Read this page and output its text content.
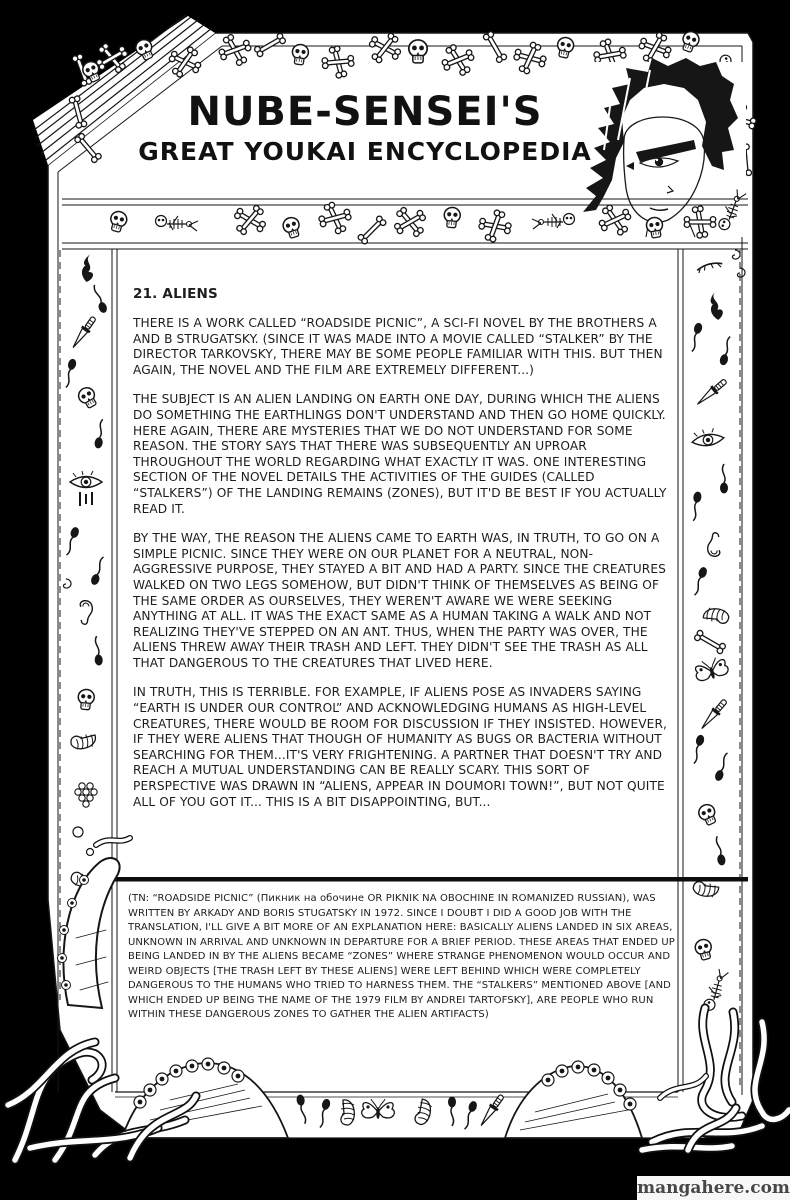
NUBE-SENSEI'S
GREAT YOUKAI ENCYCLOPEDIA
21. ALIENS

THERE IS A WORK CALLED “ROADSIDE PICNIC”, A SCI-FI NOVEL BY THE BROTHERS A AND B STRUGATSKY. (SINCE IT WAS MADE INTO A MOVIE CALLED “STALKER” BY THE DIRECTOR TARKOVSKY, THERE MAY BE SOME PEOPLE FAMILIAR WITH THIS. BUT THEN AGAIN, THE NOVEL AND THE FILM ARE EXTREMELY DIFFERENT...)

THE SUBJECT IS AN ALIEN LANDING ON EARTH ONE DAY, DURING WHICH THE ALIENS DO SOMETHING THE EARTHLINGS DON'T UNDERSTAND AND THEN GO HOME QUICKLY. HERE AGAIN, THERE ARE MYSTERIES THAT WE DO NOT UNDERSTAND FOR SOME REASON. THE STORY SAYS THAT THERE WAS SUBSEQUENTLY AN UPROAR THROUGHOUT THE WORLD REGARDING WHAT EXACTLY IT WAS. ONE INTERESTING SECTION OF THE NOVEL DETAILS THE ACTIVITIES OF THE GUIDES (CALLED “STALKERS”) OF THE LANDING REMAINS (ZONES), BUT IT'D BE BEST IF YOU ACTUALLY READ IT.

BY THE WAY, THE REASON THE ALIENS CAME TO EARTH WAS, IN TRUTH, TO GO ON A SIMPLE PICNIC. SINCE THEY WERE ON OUR PLANET FOR A NEUTRAL, NON-AGGRESSIVE PURPOSE, THEY STAYED A BIT AND HAD A PARTY. SINCE THE CREATURES WALKED ON TWO LEGS SOMEHOW, BUT DIDN'T THINK OF THEMSELVES AS BEING OF THE SAME ORDER AS OURSELVES, THEY WEREN'T AWARE WE WERE SEEKING ANYTHING AT ALL. IT WAS THE EXACT SAME AS A HUMAN TAKING A WALK AND NOT REALIZING THEY'VE STEPPED ON AN ANT. THUS, WHEN THE PARTY WAS OVER, THE ALIENS THREW AWAY THEIR TRASH AND LEFT. THEY DIDN'T SEE THE TRASH AS ALL THAT DANGEROUS TO THE CREATURES THAT LIVED HERE.

IN TRUTH, THIS IS TERRIBLE. FOR EXAMPLE, IF ALIENS POSE AS INVADERS SAYING “EARTH IS UNDER OUR CONTROL” AND ACKNOWLEDGING HUMANS AS HIGH-LEVEL CREATURES, THERE WOULD BE ROOM FOR DISCUSSION IF THEY INSISTED. HOWEVER, IF THEY WERE ALIENS THAT THOUGH OF HUMANITY AS BUGS OR BACTERIA WITHOUT SEARCHING FOR THEM...IT'S VERY FRIGHTENING. A PARTNER THAT DOESN'T TRY AND REACH A MUTUAL UNDERSTANDING CAN BE REALLY SCARY. THIS SORT OF PERSPECTIVE WAS DRAWN IN “ALIENS, APPEAR IN DOUMORI TOWN!”, BUT NOT QUITE ALL OF YOU GOT IT... THIS IS A BIT DISAPPOINTING, BUT...

(TN: “ROADSIDE PICNIC” (Пикник на обочине OR PIKNIK NA OBOCHINE IN ROMANIZED RUSSIAN), WAS WRITTEN BY ARKADY AND BORIS STUGATSKY IN 1972. SINCE I DOUBT I DID A GOOD JOB WITH THE TRANSLATION, I'LL GIVE A BIT MORE OF AN EXPLANATION HERE: BASICALLY ALIENS LANDED IN SIX AREAS, UNKNOWN IN ARRIVAL AND UNKNOWN IN DEPARTURE FOR A BRIEF PERIOD. THESE AREAS THAT ENDED UP BEING LANDED IN BY THE ALIENS BECAME “ZONES” WHERE STRANGE PHENOMENON WOULD OCCUR AND WEIRD OBJECTS [THE TRASH LEFT BY THESE ALIENS] WERE LEFT BEHIND WHICH WERE COMPLETELY DANGEROUS TO THE HUMANS WHO TRIED TO HARNESS THEM. THE “STALKERS” MENTIONED ABOVE [AND WHICH ENDED UP BEING THE NAME OF THE 1979 FILM BY ANDREI TARTOFSKY], ARE PEOPLE WHO RUN WITHIN THESE DANGEROUS ZONES TO GATHER THE ALIEN ARTIFACTS)
mangahere.com
